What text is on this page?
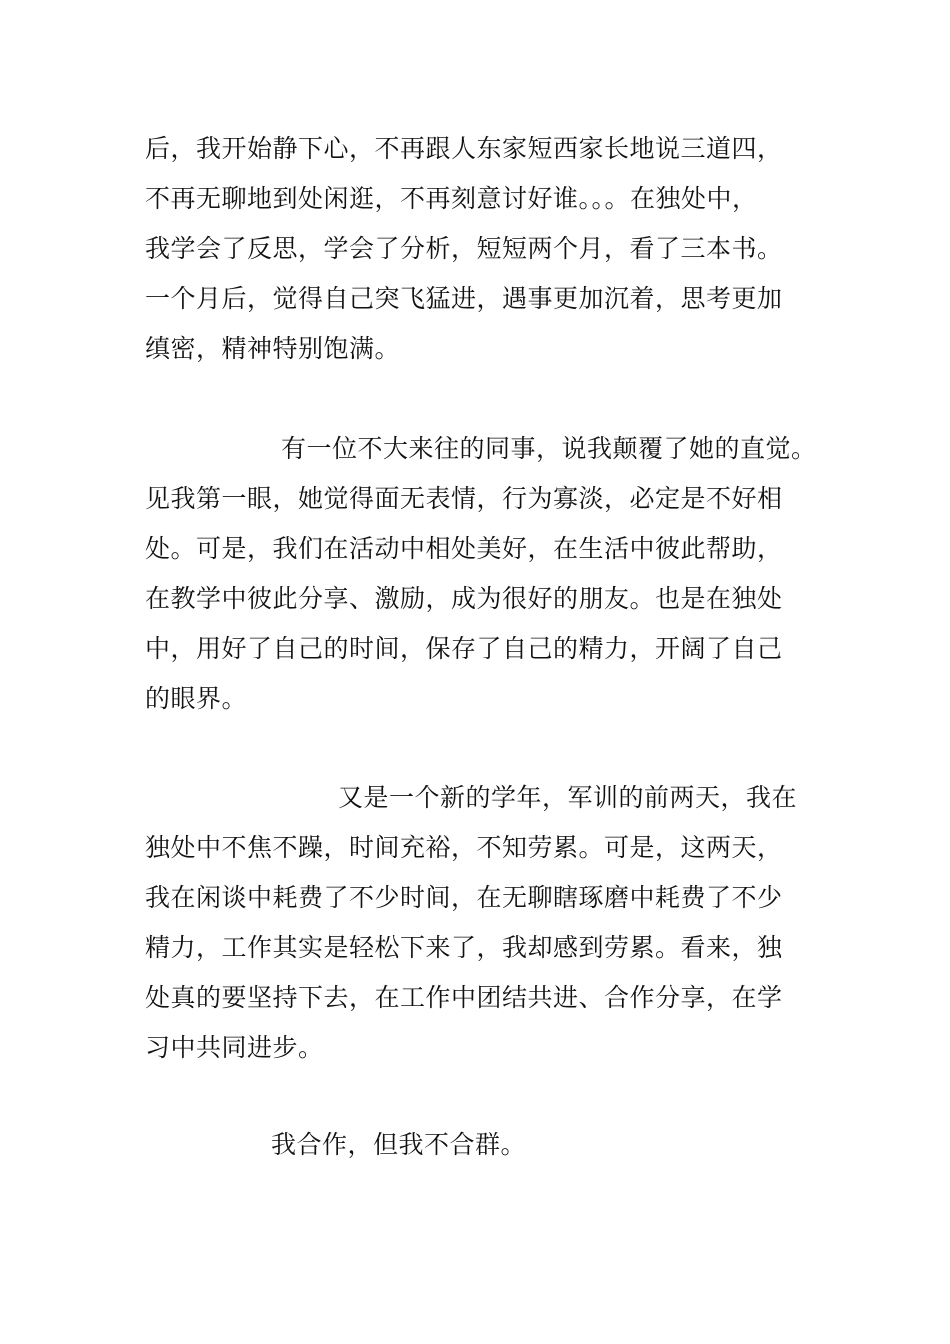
后，我开始静下心，不再跟人东家短西家长地说三道四，
不再无聊地到处闲逛，不再刻意讨好谁。。。在独处中，
我学会了反思，学会了分析，短短两个月，看了三本书。
一个月后，觉得自己突飞猛进，遇事更加沉着，思考更加
缜密，精神特别饱满。
有一位不大来往的同事，说我颠覆了她的直觉。
见我第一眼，她觉得面无表情，行为寡淡，必定是不好相
处。可是，我们在活动中相处美好，在生活中彼此帮助，
在教学中彼此分享、激励，成为很好的朋友。也是在独处
中，用好了自己的时间，保存了自己的精力，开阔了自己
的眼界。
又是一个新的学年，军训的前两天，我在
独处中不焦不躁，时间充裕，不知劳累。可是，这两天，
我在闲谈中耗费了不少时间，在无聊瞎琢磨中耗费了不少
精力，工作其实是轻松下来了，我却感到劳累。看来，独
处真的要坚持下去，在工作中团结共进、合作分享，在学
习中共同进步。
我合作，但我不合群。
